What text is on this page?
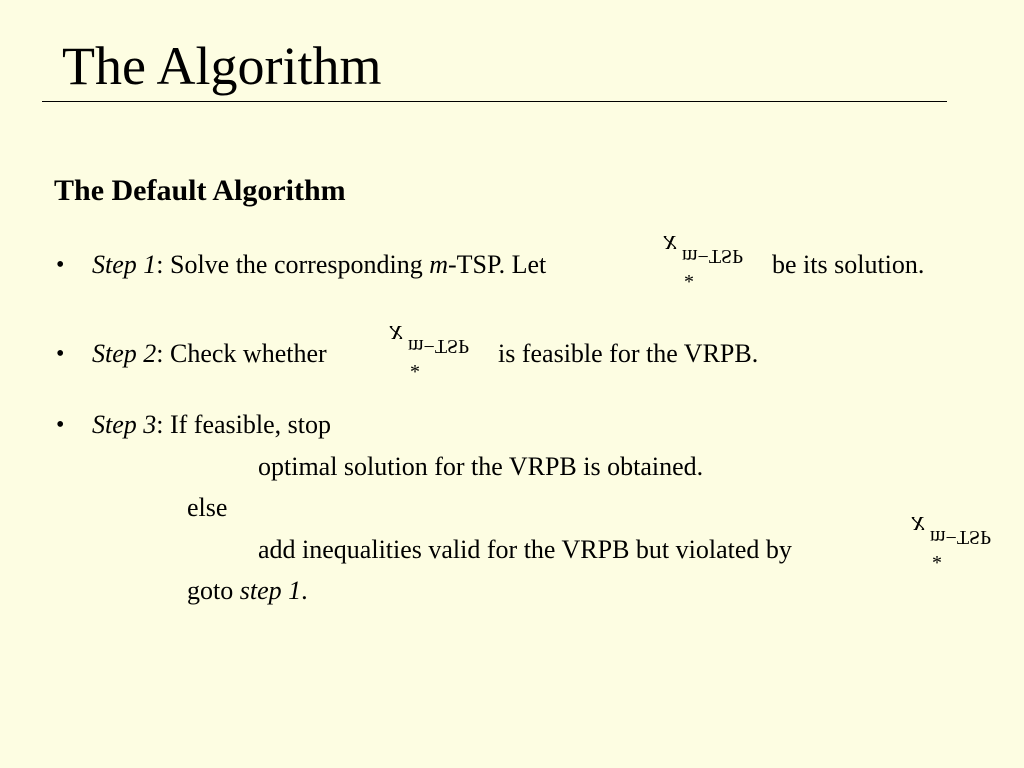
The Algorithm
The Default Algorithm
• Step 1: Solve the corresponding m-TSP. Let
x m−TSP
*
be its solution.
• Step 2: Check whether
x m−TSP
*
is feasible for the VRPB.
• Step 3: If feasible, stop
optimal solution for the VRPB is obtained.
else
add inequalities valid for the VRPB but violated by
x m−TSP
*
goto step 1.
